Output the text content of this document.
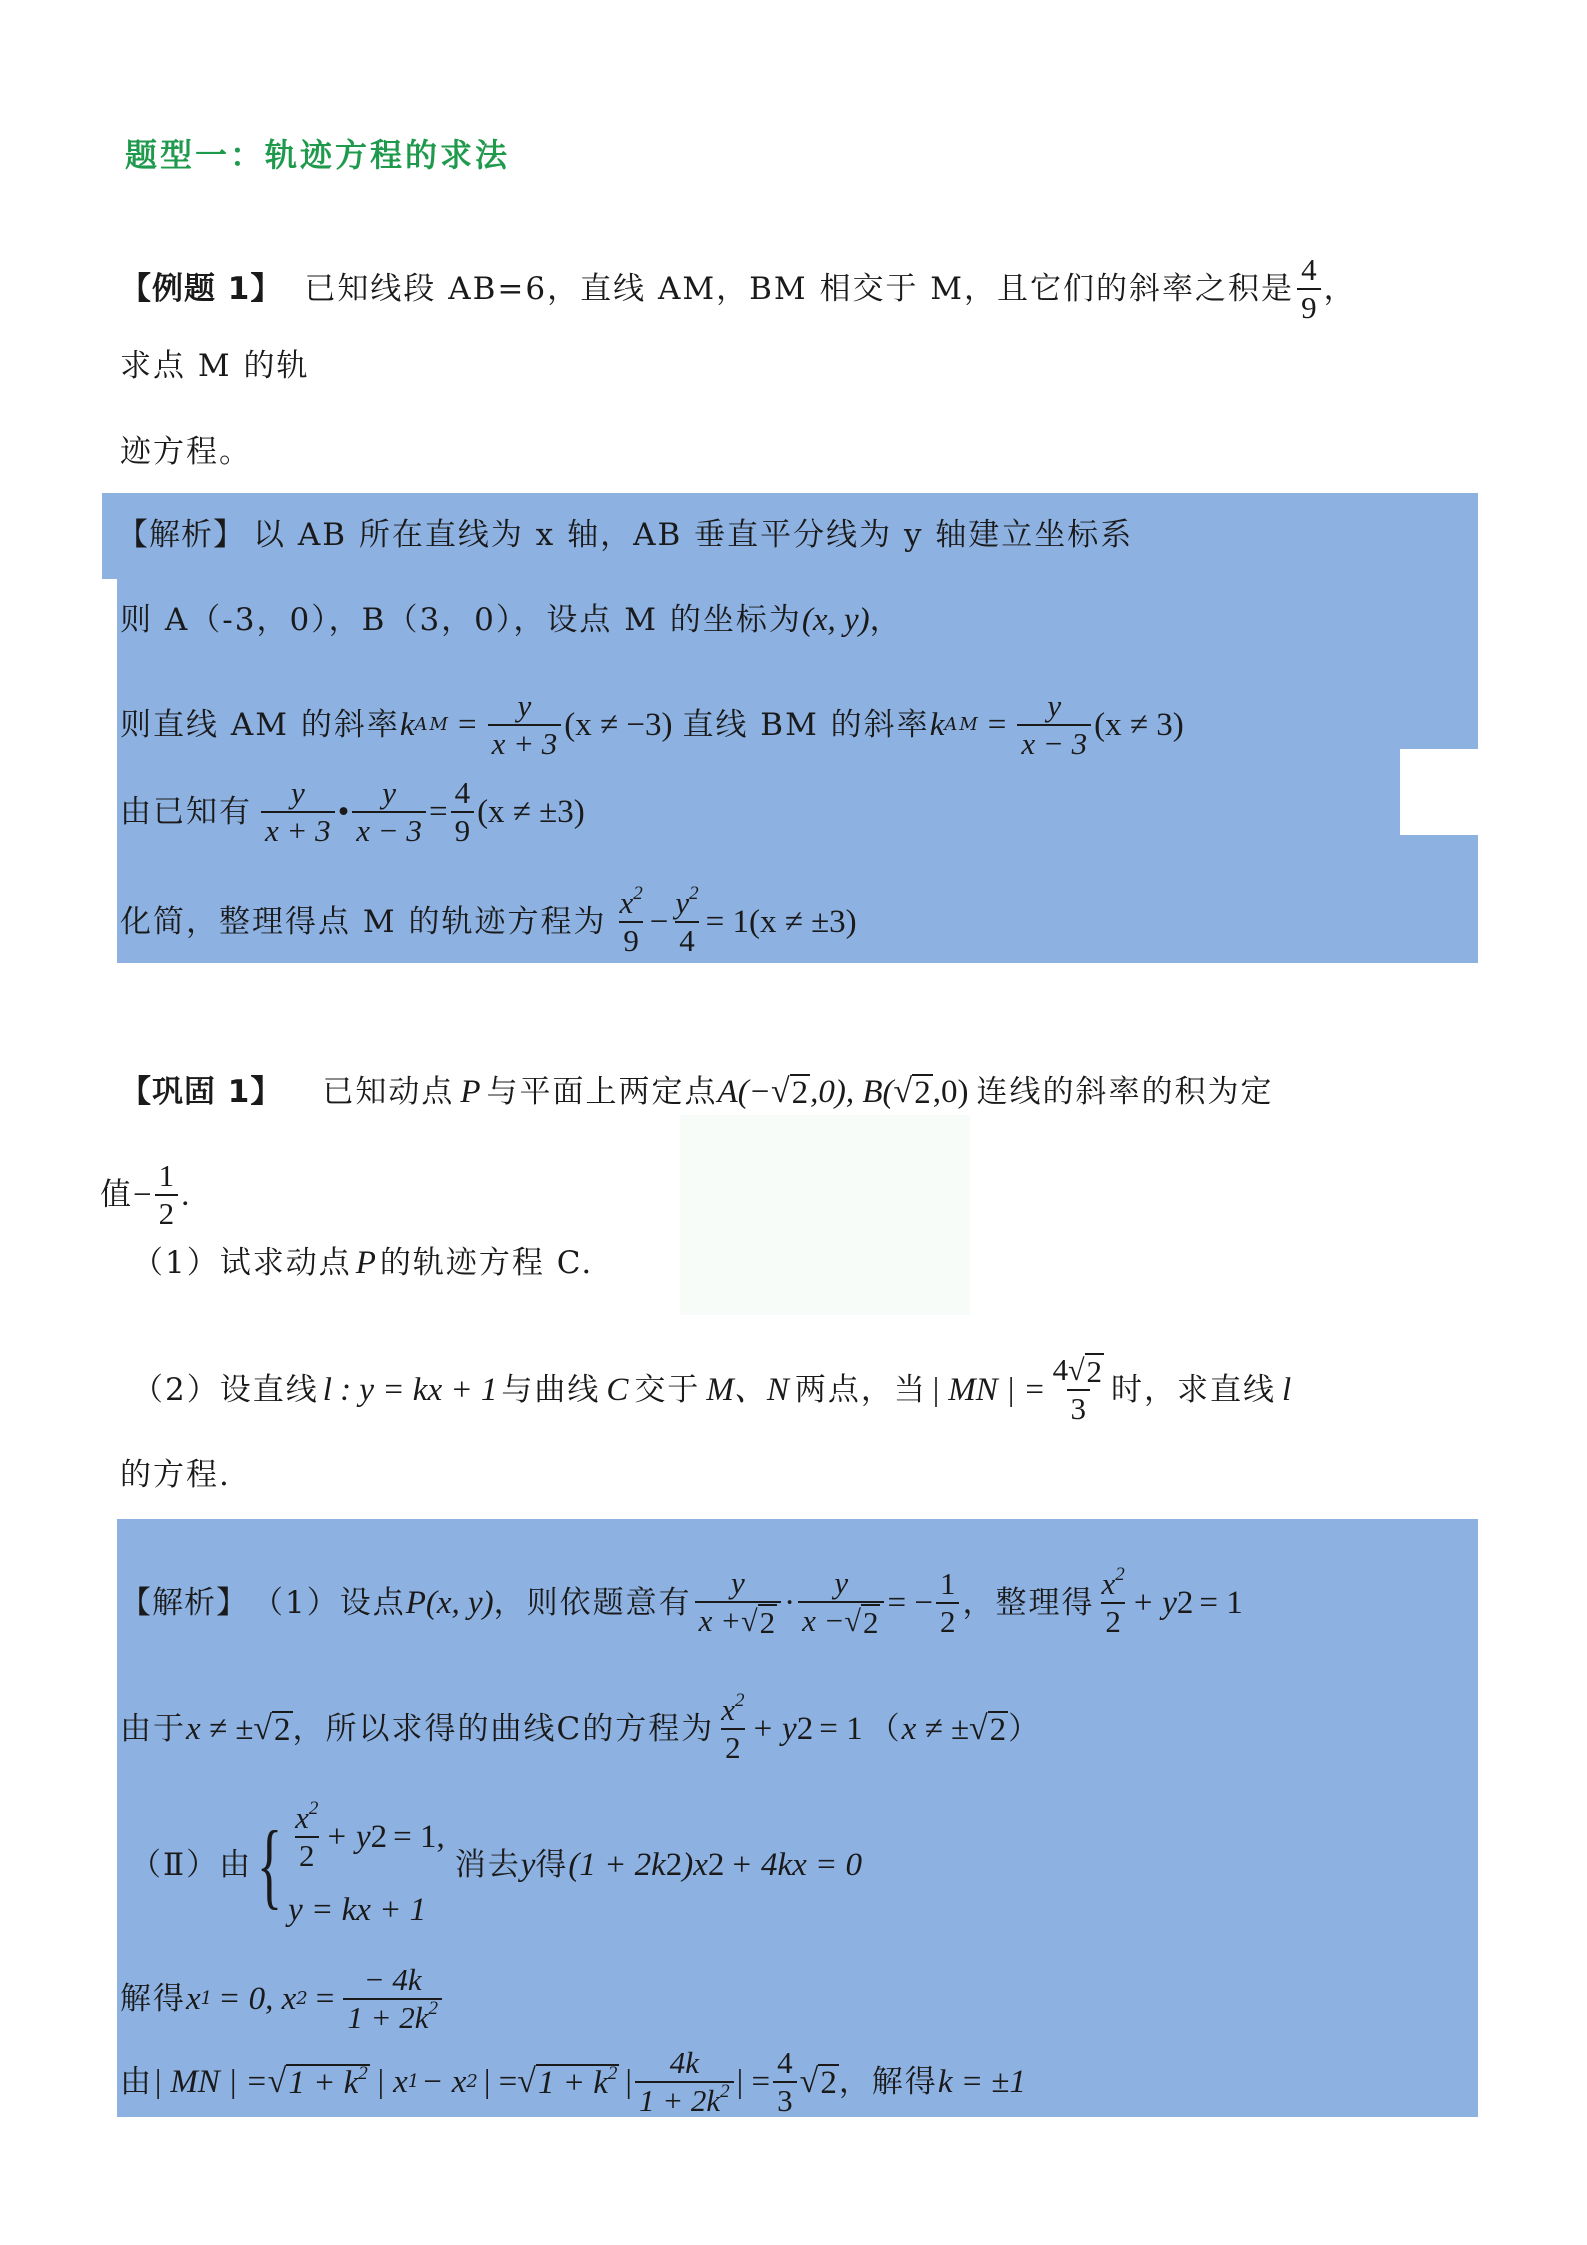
题型一：轨迹方程的求法
【例题 1】 已知线段 AB=6，直线 AM，BM 相交于 M，且它们的斜率之积是 $\frac{4}{9}$ ，
求点 M 的轨
迹方程。
【解析】 以 AB 所在直线为 x 轴，AB 垂直平分线为 y 轴建立坐标系
则 A（-3，0），B（3，0），设点 M 的坐标为 (x, y) ，
则直线 AM 的斜率 k AM = $\frac{y}{x + 3} (x \ne -3)$ 直线 BM 的斜率 k AM = $\frac{y}{x - 3} (x \ne 3)$
由已知有 $\frac{y}{x + 3}$ • $\frac{y}{x - 3} = \frac{4}{9} (x \ne \pm 3)$
化简，整理得点 M 的轨迹方程为 $\frac{x^2}{9} - \frac{y^2}{4} = 1(x \ne \pm 3)$
【巩固 1】 已知动点 P 与平面上两定点 A(− √ 2 ,0), B( √ 2 ,0) 连线的斜率的积为定
值 − $\frac{1}{2}$ .
（1）试求动点 P 的轨迹方程 C.
（2）设直线 l : y = kx + 1 与曲线 C 交于 M、N 两点，当 | MN | = $\frac{4 √ 2}{3}$ 时，求直线 l
的方程.
【解析】 （1）设点 P(x, y) ，则依题意有 $\frac{y}{x + √ 2} \cdot \frac{y}{x - √ 2}$ = − $\frac{1}{2}$ ，整理得 $\frac{x^2}{2} + y$ 2 = 1
由于 x ≠ ± √ 2 ，所以求得的曲线C的方程为 $\frac{x^2}{2} + y$ 2 = 1 （ x ≠ ± √ 2 ）
（Ⅱ）由 { $\frac{x^2}{2} + y$ 2 = 1,
y = kx + 1
消去 y 得 (1 + 2k 2 )x 2 + 4kx = 0
解得 x 1 = 0, x $2 = \frac{- 4k}{1 + 2k^2}$
由 | MN | = √ $1 + k^2$ | x 1 − x 2 | = √ $1 + k^2$ | $\frac{4k}{1 + 2k^2}$ | = $\frac{4}{3}$ √ 2 ，解得 k = ±1
